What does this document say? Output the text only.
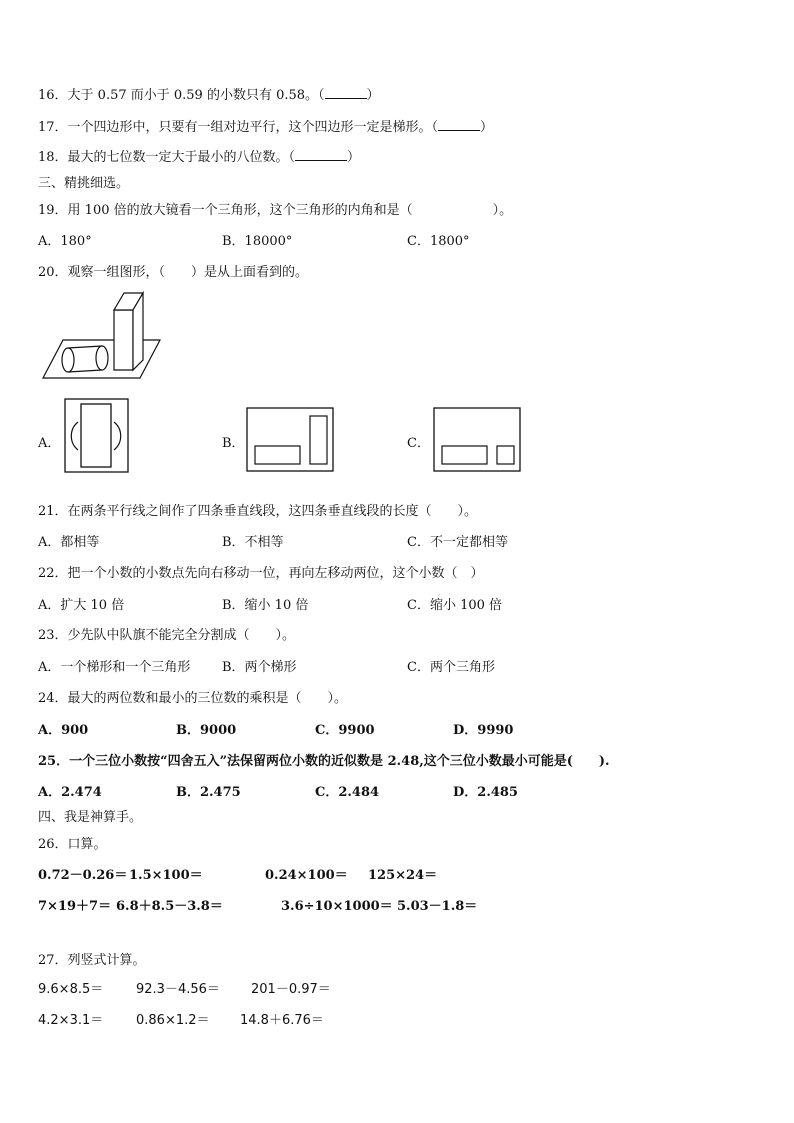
16．大于 0.57 而小于 0.59 的小数只有 0.58。（	）
17．一个四边形中，只要有一组对边平行，这个四边形一定是梯形。（	）
18．最大的七位数一定大于最小的八位数。（	）
三、精挑细选。
19．用 100 倍的放大镜看一个三角形，这个三角形的内角和是（	）。
A．180°	B．18000°	C．1800°
20．观察一组图形，（　　）是从上面看到的。
A．	B．	C．
21．在两条平行线之间作了四条垂直线段，这四条垂直线段的长度（　　）。
A．都相等	B．不相等	C．不一定都相等
22．把一个小数的小数点先向右移动一位，再向左移动两位，这个小数（　）
A．扩大 10 倍	B．缩小 10 倍	C．缩小 100 倍
23．少先队中队旗不能完全分割成（　　）。
A．一个梯形和一个三角形 B．两个梯形	C．两个三角形
24．最大的两位数和最小的三位数的乘积是（　　）。
A．900	B．9000	C．9900	D．9990
25．一个三位小数按“四舍五入”法保留两位小数的近似数是 2.48,这个三位小数最小可能是(　　).
A．2.474	B．2.475	C．2.484	D．2.485
四、我是神算手。
26．口算。
0.72－0.26＝ 1.5×100＝	0.24×100＝ 125×24＝
7×19＋7＝ 6.8＋8.5－3.8＝	3.6÷10×1000＝ 5.03－1.8＝
27．列竖式计算。
9.6×8.5＝	92.3－4.56＝ 201－0.97＝
4.2×3.1＝	0.86×1.2＝ 14.8＋6.76＝
